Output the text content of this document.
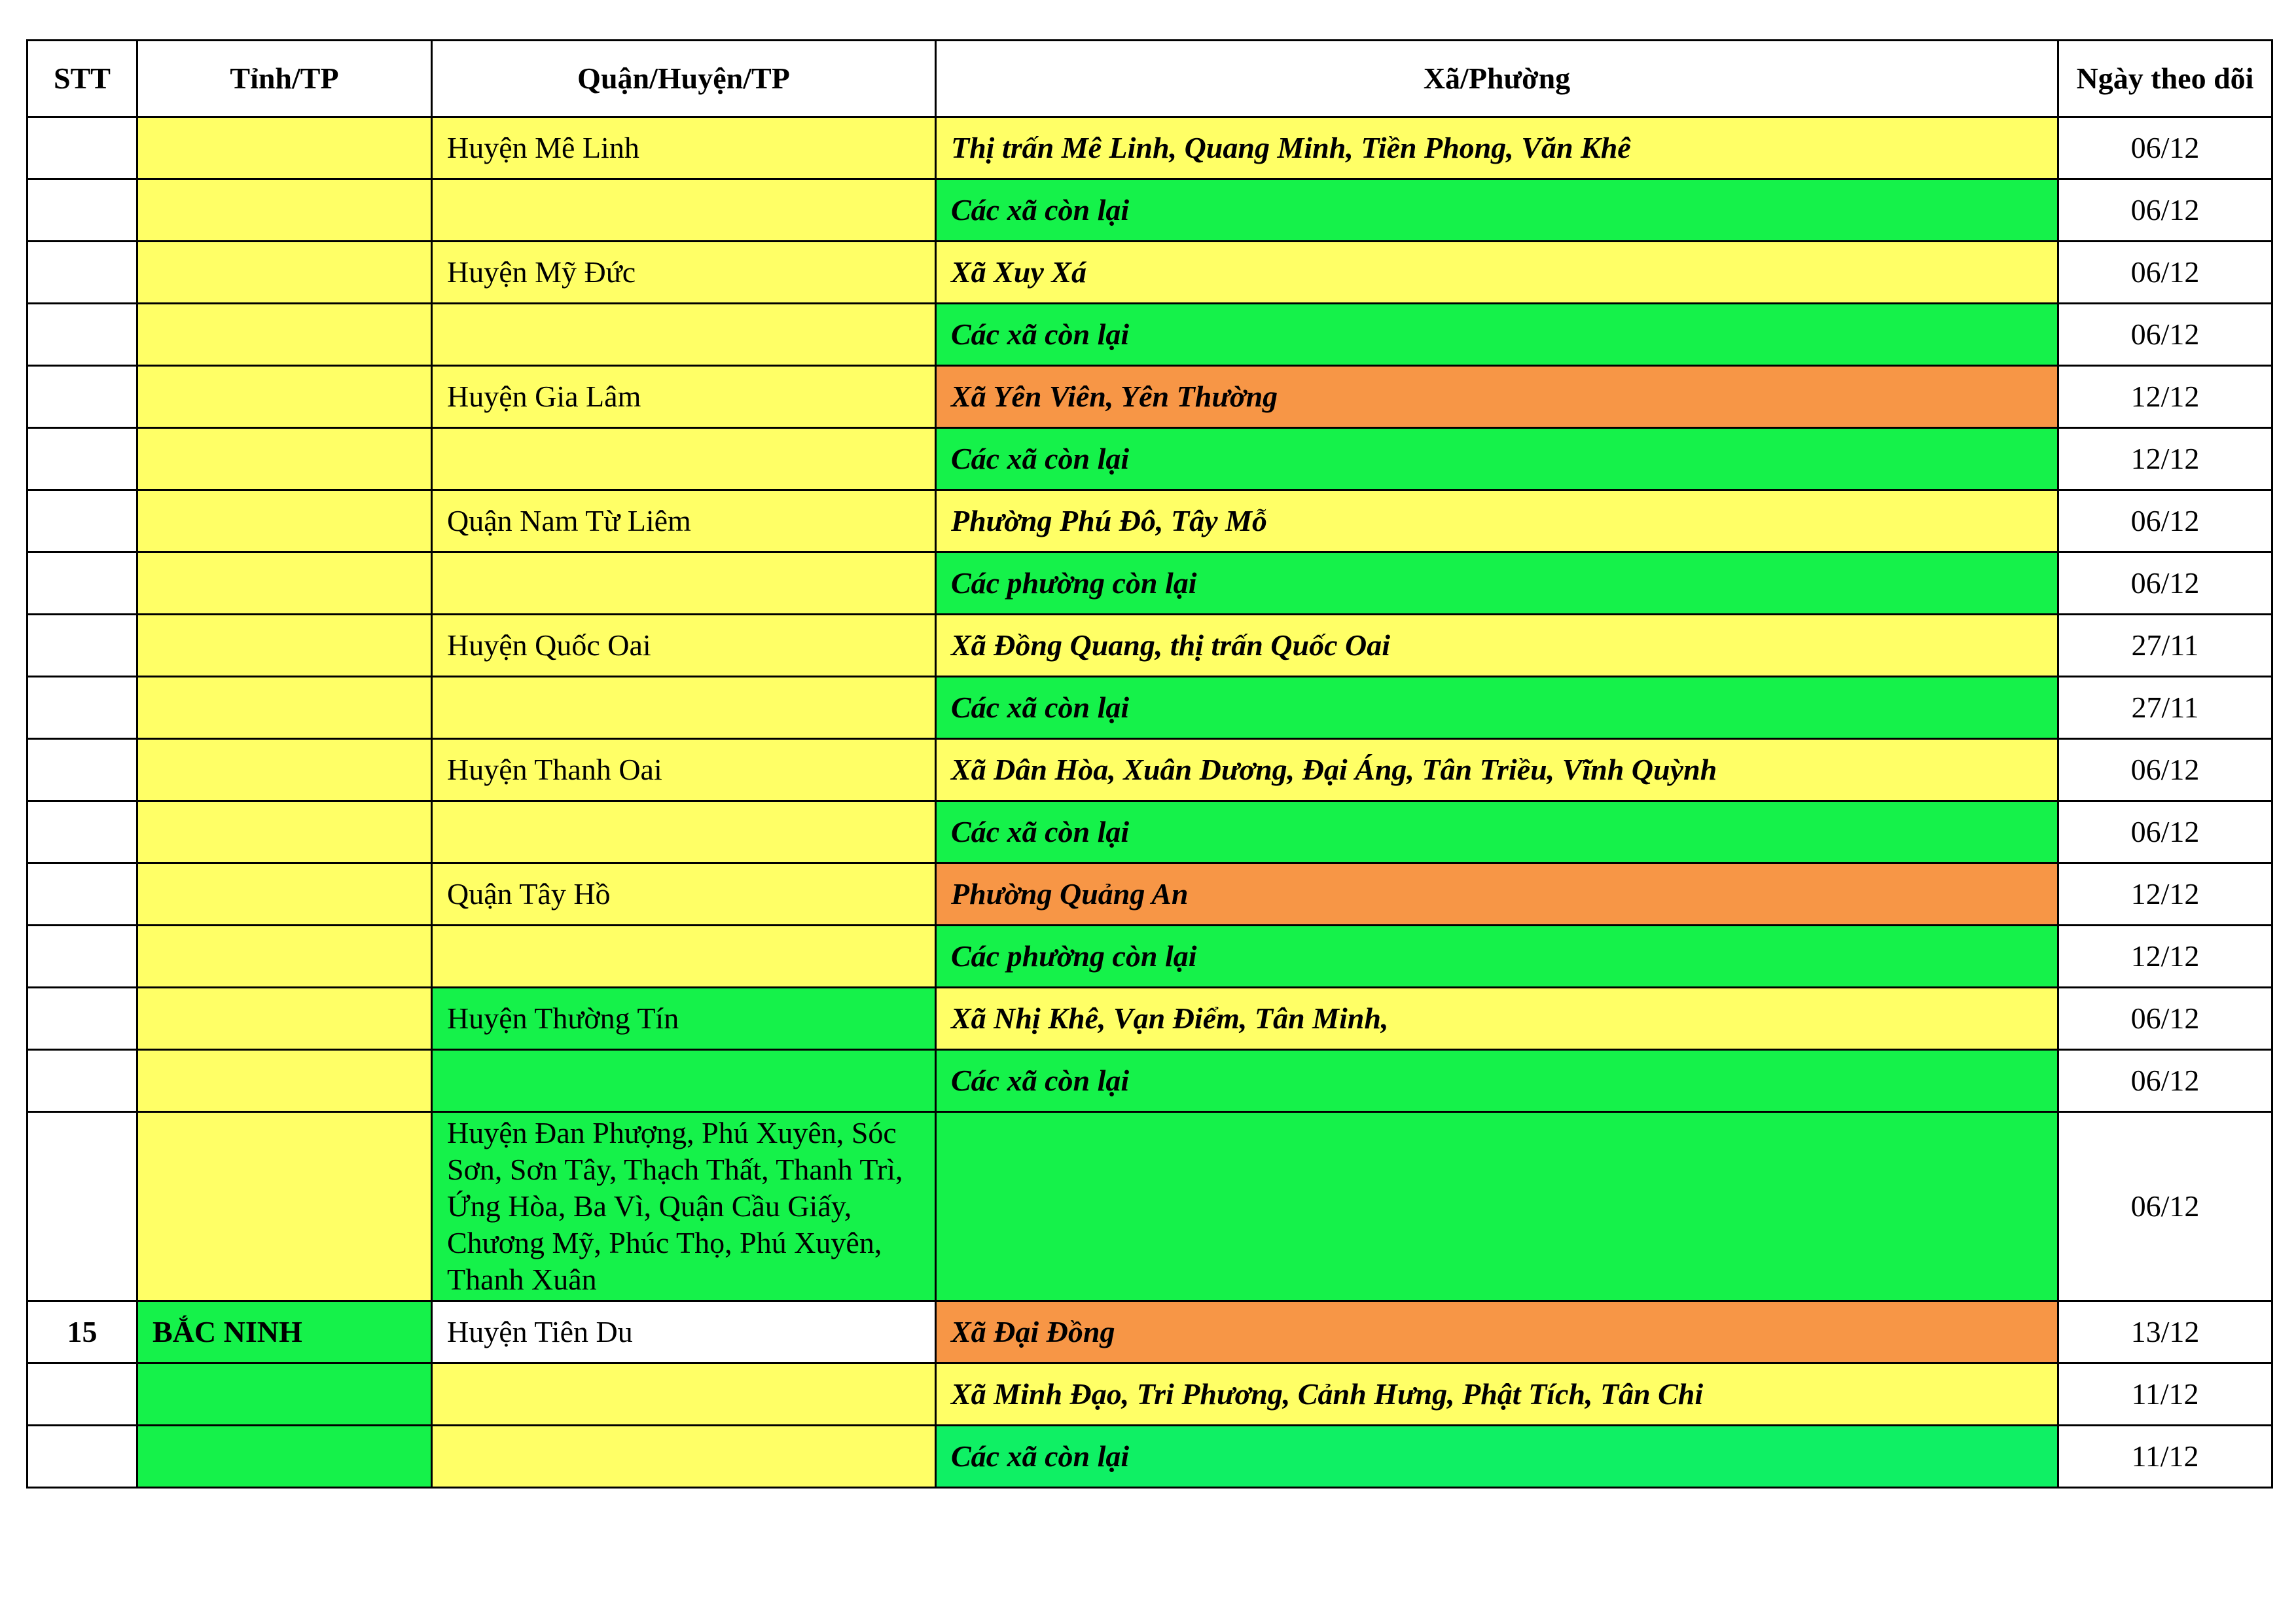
STT	Tỉnh/TP	Quận/Huyện/TP	Xã/Phường	Ngày theo dõi
		Huyện Mê Linh	Thị trấn Mê Linh, Quang Minh, Tiền Phong, Văn Khê	06/12
			Các xã còn lại	06/12
		Huyện Mỹ Đức	Xã Xuy Xá	06/12
			Các xã còn lại	06/12
		Huyện Gia Lâm	Xã Yên Viên, Yên Thường	12/12
			Các xã còn lại	12/12
		Quận Nam Từ Liêm	Phường Phú Đô, Tây Mỗ	06/12
			Các phường còn lại	06/12
		Huyện Quốc Oai	Xã Đồng Quang, thị trấn Quốc Oai	27/11
			Các xã còn lại	27/11
		Huyện Thanh Oai	Xã Dân Hòa, Xuân Dương, Đại Áng, Tân Triều, Vĩnh Quỳnh	06/12
			Các xã còn lại	06/12
		Quận Tây Hồ	Phường Quảng An	12/12
			Các phường còn lại	12/12
		Huyện Thường Tín	Xã Nhị Khê, Vạn Điểm, Tân Minh,	06/12
			Các xã còn lại	06/12
		Huyện Đan Phượng, Phú Xuyên, Sóc Sơn, Sơn Tây, Thạch Thất, Thanh Trì, Ứng Hòa, Ba Vì, Quận Cầu Giấy, Chương Mỹ, Phúc Thọ, Phú Xuyên, Thanh Xuân		06/12
15	BẮC NINH	Huyện Tiên Du	Xã Đại Đồng	13/12
			Xã Minh Đạo, Tri Phương, Cảnh Hưng, Phật Tích, Tân Chi	11/12
			Các xã còn lại	11/12
